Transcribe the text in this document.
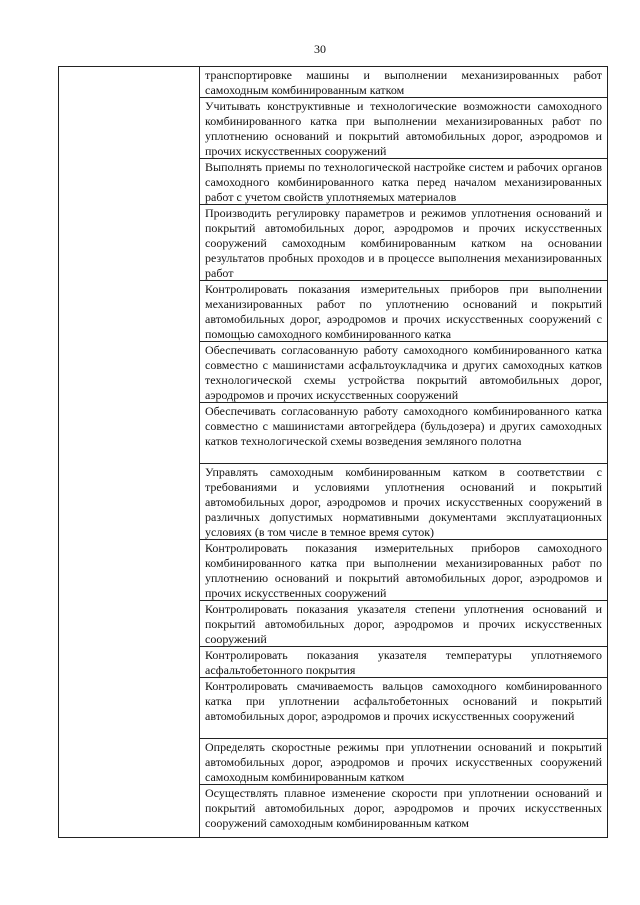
30

транспортировке машины и выполнении механизированных работ самоходным комбинированным катком
Учитывать конструктивные и технологические возможности самоходного комбинированного катка при выполнении механизированных работ по уплотнению оснований и покрытий автомобильных дорог, аэродромов и прочих искусственных сооружений
Выполнять приемы по технологической настройке систем и рабочих органов самоходного комбинированного катка перед началом механизированных работ с учетом свойств уплотняемых материалов
Производить регулировку параметров и режимов уплотнения оснований и покрытий автомобильных дорог, аэродромов и прочих искусственных сооружений самоходным комбинированным катком на основании результатов пробных проходов и в процессе выполнения механизированных работ
Контролировать показания измерительных приборов при выполнении механизированных работ по уплотнению оснований и покрытий автомобильных дорог, аэродромов и прочих искусственных сооружений с помощью самоходного комбинированного катка
Обеспечивать согласованную работу самоходного комбинированного катка совместно с машинистами асфальтоукладчика и других самоходных катков технологической схемы устройства покрытий автомобильных дорог, аэродромов и прочих искусственных сооружений
Обеспечивать согласованную работу самоходного комбинированного катка совместно с машинистами автогрейдера (бульдозера) и других самоходных катков технологической схемы возведения земляного полотна
Управлять самоходным комбинированным катком в соответствии с требованиями и условиями уплотнения оснований и покрытий автомобильных дорог, аэродромов и прочих искусственных сооружений в различных допустимых нормативными документами эксплуатационных условиях (в том числе в темное время суток)
Контролировать показания измерительных приборов самоходного комбинированного катка при выполнении механизированных работ по уплотнению оснований и покрытий автомобильных дорог, аэродромов и прочих искусственных сооружений
Контролировать показания указателя степени уплотнения оснований и покрытий автомобильных дорог, аэродромов и прочих искусственных сооружений
Контролировать показания указателя температуры уплотняемого асфальтобетонного покрытия
Контролировать смачиваемость вальцов самоходного комбинированного катка при уплотнении асфальтобетонных оснований и покрытий автомобильных дорог, аэродромов и прочих искусственных сооружений
Определять скоростные режимы при уплотнении оснований и покрытий автомобильных дорог, аэродромов и прочих искусственных сооружений самоходным комбинированным катком
Осуществлять плавное изменение скорости при уплотнении оснований и покрытий автомобильных дорог, аэродромов и прочих искусственных сооружений самоходным комбинированным катком
